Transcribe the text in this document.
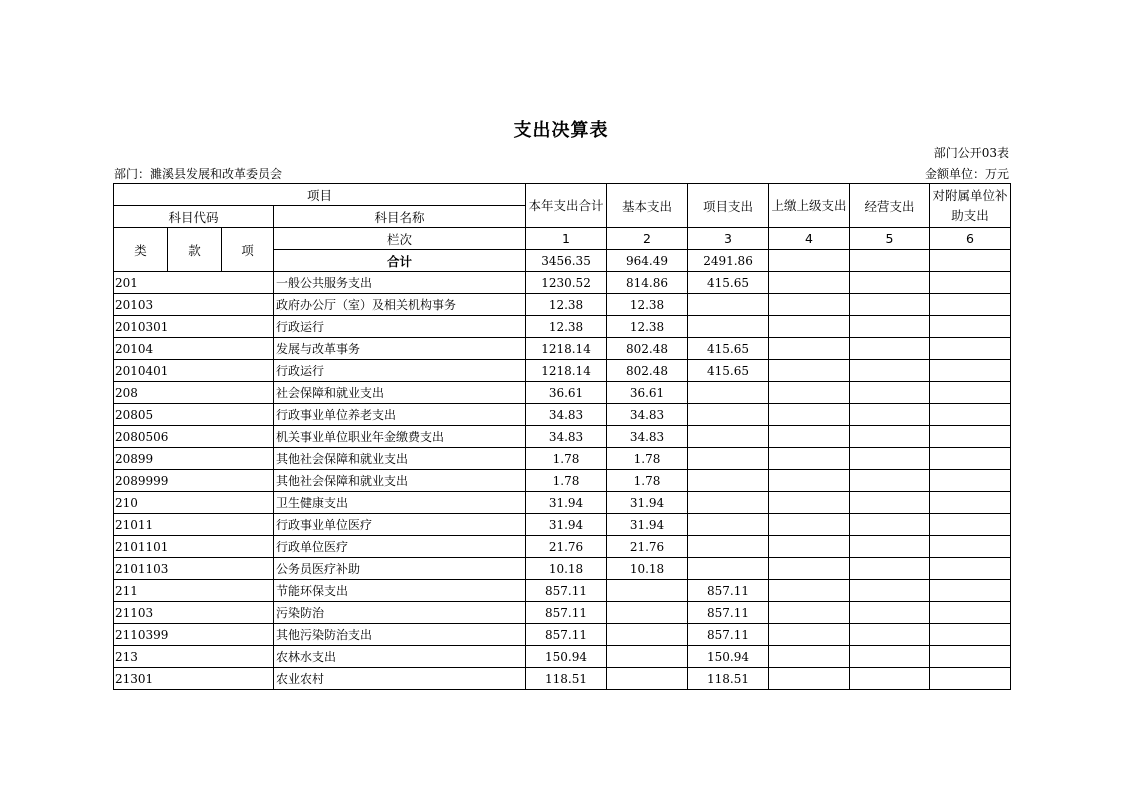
支出决算表
部门公开03表
部门：濉溪县发展和改革委员会	金额单位：万元
项目				本年支出合计	基本支出	项目支出	上缴上级支出	经营支出	对附属单位补助支出
科目代码			科目名称						
类	款	项	栏次	1	2	3	4	5	6
			合计	3456.35	964.49	2491.86			
201			一般公共服务支出	1230.52	814.86	415.65			
20103			政府办公厅（室）及相关机构事务	12.38	12.38				
2010301			行政运行	12.38	12.38				
20104			发展与改革事务	1218.14	802.48	415.65			
2010401			行政运行	1218.14	802.48	415.65			
208			社会保障和就业支出	36.61	36.61				
20805			行政事业单位养老支出	34.83	34.83				
2080506			机关事业单位职业年金缴费支出	34.83	34.83				
20899			其他社会保障和就业支出	1.78	1.78				
2089999			其他社会保障和就业支出	1.78	1.78				
210			卫生健康支出	31.94	31.94				
21011			行政事业单位医疗	31.94	31.94				
2101101			行政单位医疗	21.76	21.76				
2101103			公务员医疗补助	10.18	10.18				
211			节能环保支出	857.11		857.11			
21103			污染防治	857.11		857.11			
2110399			其他污染防治支出	857.11		857.11			
213			农林水支出	150.94		150.94			
21301			农业农村	118.51		118.51			
